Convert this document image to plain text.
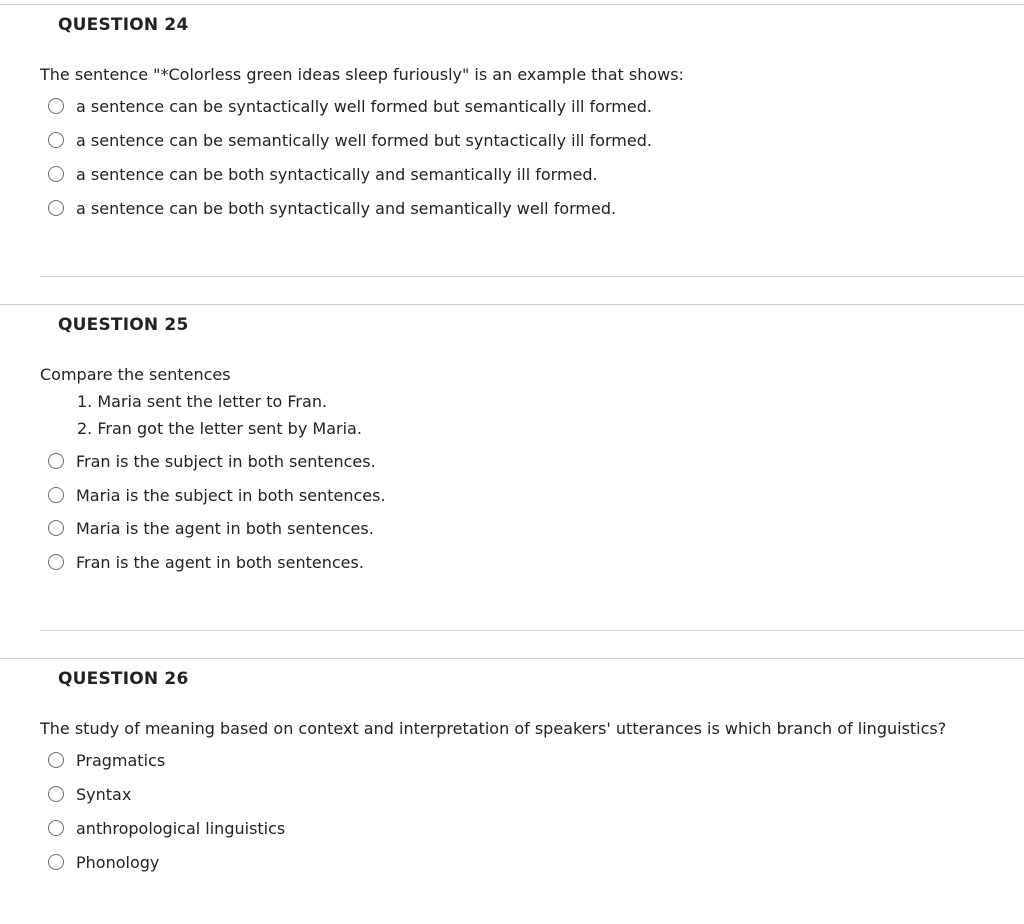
QUESTION 24
The sentence "*Colorless green ideas sleep furiously" is an example that shows:
a sentence can be syntactically well formed but semantically ill formed.
a sentence can be semantically well formed but syntactically ill formed.
a sentence can be both syntactically and semantically ill formed.
a sentence can be both syntactically and semantically well formed.
QUESTION 25
Compare the sentences
1. Maria sent the letter to Fran.
2. Fran got the letter sent by Maria.
Fran is the subject in both sentences.
Maria is the subject in both sentences.
Maria is the agent in both sentences.
Fran is the agent in both sentences.
QUESTION 26
The study of meaning based on context and interpretation of speakers' utterances is which branch of linguistics?
Pragmatics
Syntax
anthropological linguistics
Phonology
